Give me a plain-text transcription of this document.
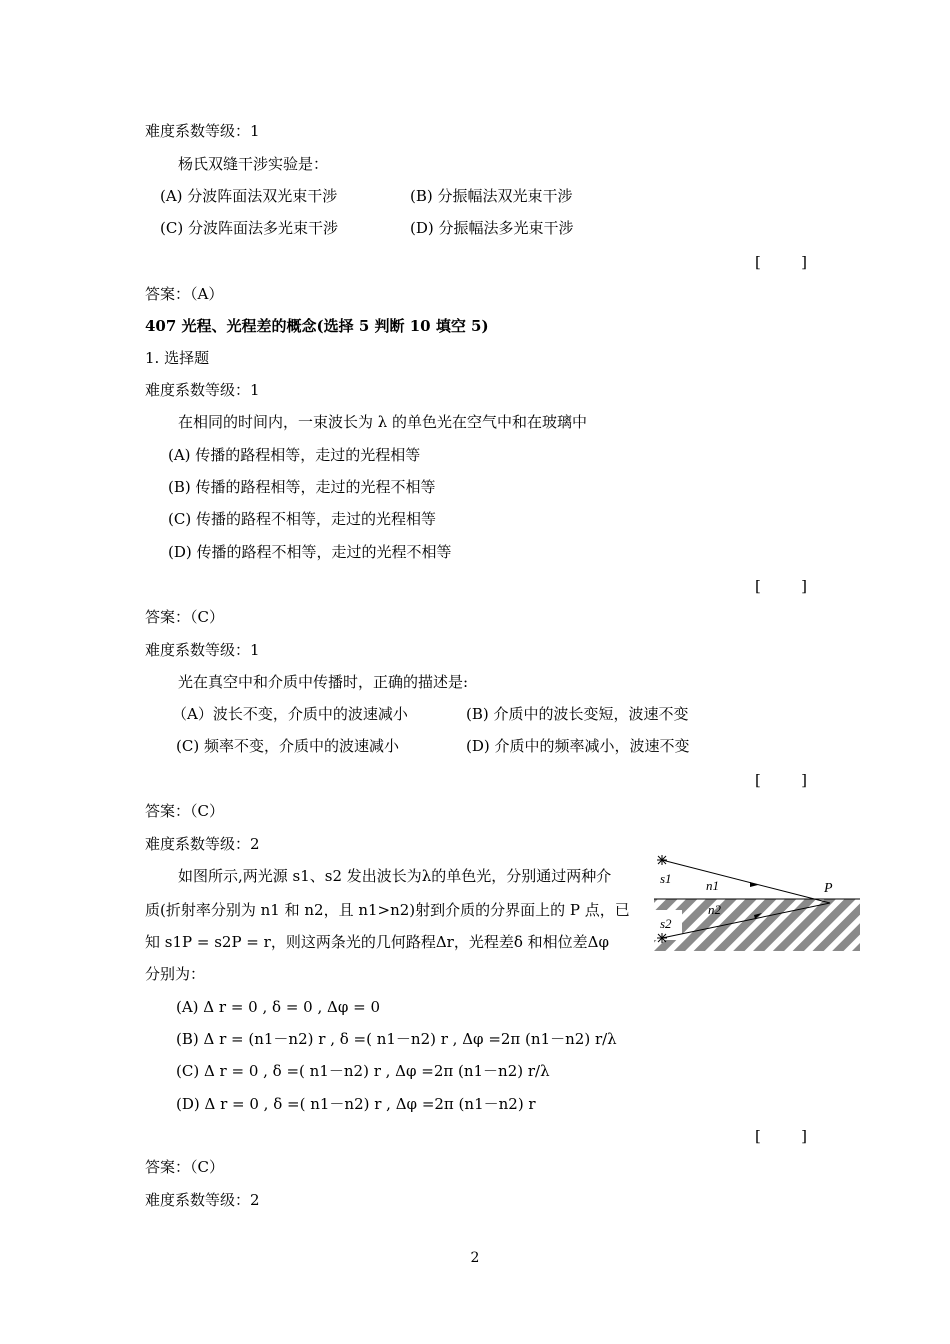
难度系数等级：1
杨氏双缝干涉实验是：
(A) 分波阵面法双光束干涉	(B) 分振幅法双光束干涉
(C) 分波阵面法多光束干涉	(D) 分振幅法多光束干涉
[	]
答案：（A）
407 光程、光程差的概念(选择 5 判断 10 填空 5)
1. 选择题
难度系数等级：1
在相同的时间内，一束波长为 λ 的单色光在空气中和在玻璃中
(A) 传播的路程相等，走过的光程相等
(B) 传播的路程相等，走过的光程不相等
(C) 传播的路程不相等，走过的光程相等
(D) 传播的路程不相等，走过的光程不相等
[	]
答案：（C）
难度系数等级：1
光在真空中和介质中传播时，正确的描述是:
（A）波长不变，介质中的波速减小	(B) 介质中的波长变短，波速不变
(C) 频率不变，介质中的波速减小	(D) 介质中的频率减小，波速不变
[	]
答案：（C）
难度系数等级：2
如图所示,两光源 s1、s2 发出波长为λ的单色光，分别通过两种介
质(折射率分别为 n1 和 n2，且 n1>n2)射到介质的分界面上的 P 点，已
知 s1P = s2P = r，则这两条光的几何路程Δr，光程差δ 和相位差Δφ
分别为：
(A) Δ r = 0 , δ = 0 , Δφ = 0
(B) Δ r = (n1－n2) r , δ =( n1－n2) r , Δφ =2π (n1－n2) r/λ
(C) Δ r = 0 , δ =( n1－n2) r , Δφ =2π (n1－n2) r/λ
(D) Δ r = 0 , δ =( n1－n2) r , Δφ =2π (n1－n2) r
[	]
答案：（C）
s1
s2
n1
n2
P
难度系数等级：2
2
